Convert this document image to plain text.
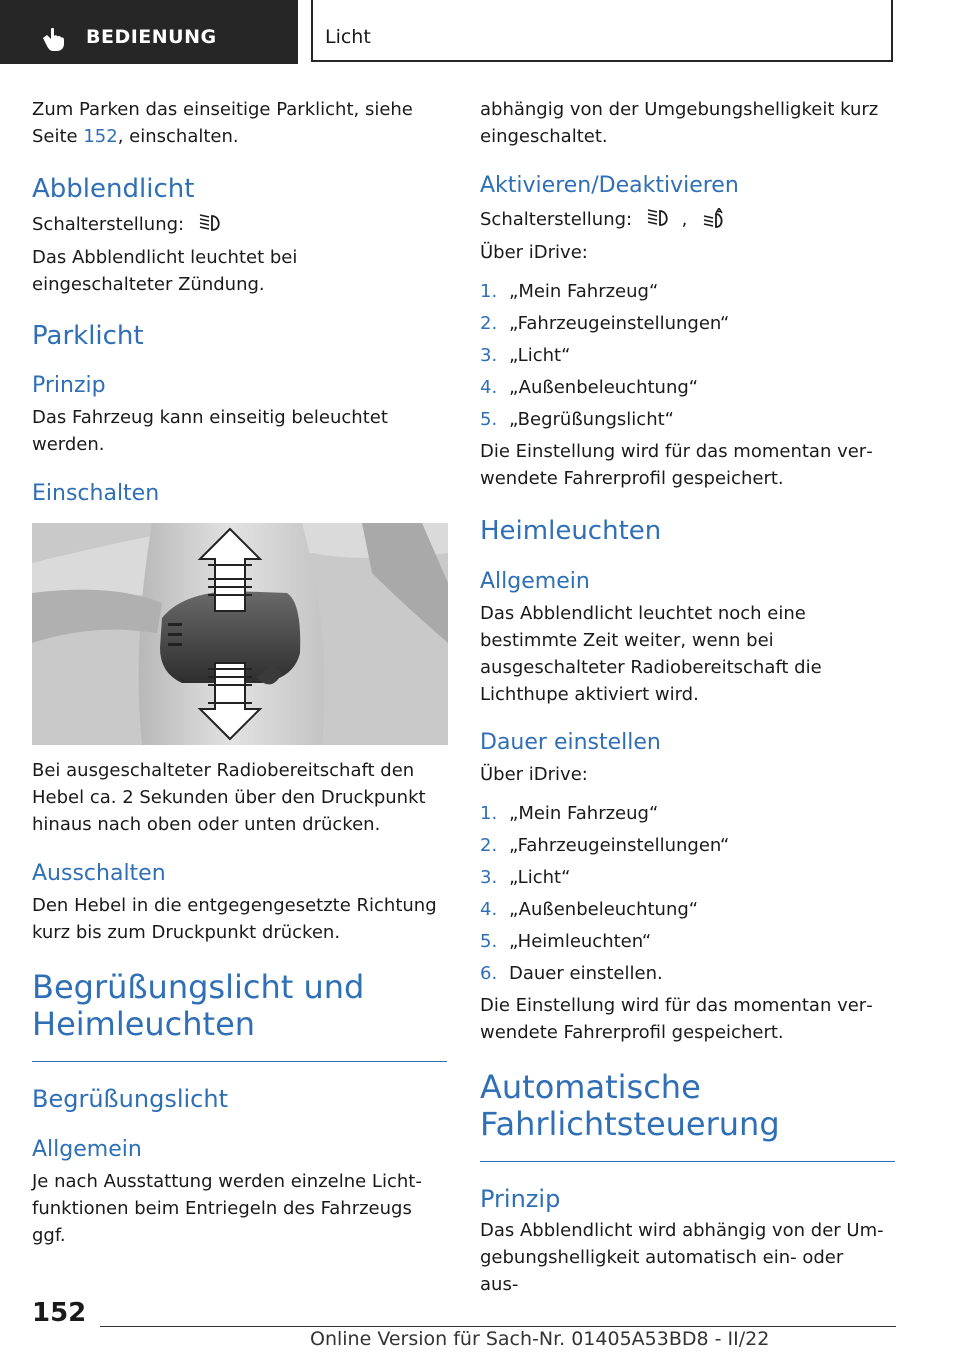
BEDIENUNG	Licht

Zum Parken das einseitige Parklicht, siehe Seite 152, einschalten.

Abblendlicht

Schalterstellung:

Das Abblendlicht leuchtet bei eingeschalteter Zündung.

Parklicht
Prinzip

Das Fahrzeug kann einseitig beleuchtet werden.

Einschalten

Bei ausgeschalteter Radiobereitschaft den Hebel ca. 2 Sekunden über den Druckpunkt hinaus nach oben oder unten drücken.

Ausschalten

Den Hebel in die entgegengesetzte Richtung kurz bis zum Druckpunkt drücken.

Begrüßungslicht und Heimleuchten
Begrüßungslicht
Allgemein

Je nach Ausstattung werden einzelne Lichtfunktionen beim Entriegeln des Fahrzeugs ggf.

abhängig von der Umgebungshelligkeit kurz eingeschaltet.

Aktivieren/Deaktivieren

Schalterstellung:	,

Über iDrive:

1. „Mein Fahrzeug“
2. „Fahrzeugeinstellungen“
3. „Licht“
4. „Außenbeleuchtung“
5. „Begrüßungslicht“

Die Einstellung wird für das momentan verwendete Fahrerprofil gespeichert.

Heimleuchten
Allgemein

Das Abblendlicht leuchtet noch eine bestimmte Zeit weiter, wenn bei ausgeschalteter Radiobereitschaft die Lichthupe aktiviert wird.

Dauer einstellen

Über iDrive:

1. „Mein Fahrzeug“
2. „Fahrzeugeinstellungen“
3. „Licht“
4. „Außenbeleuchtung“
5. „Heimleuchten“
6. Dauer einstellen.

Die Einstellung wird für das momentan verwendete Fahrerprofil gespeichert.

Automatische Fahrlichtsteuerung
Prinzip

Das Abblendlicht wird abhängig von der Umgebungshelligkeit automatisch ein- oder aus-

152
Online Version für Sach-Nr. 01405A53BD8 - II/22
